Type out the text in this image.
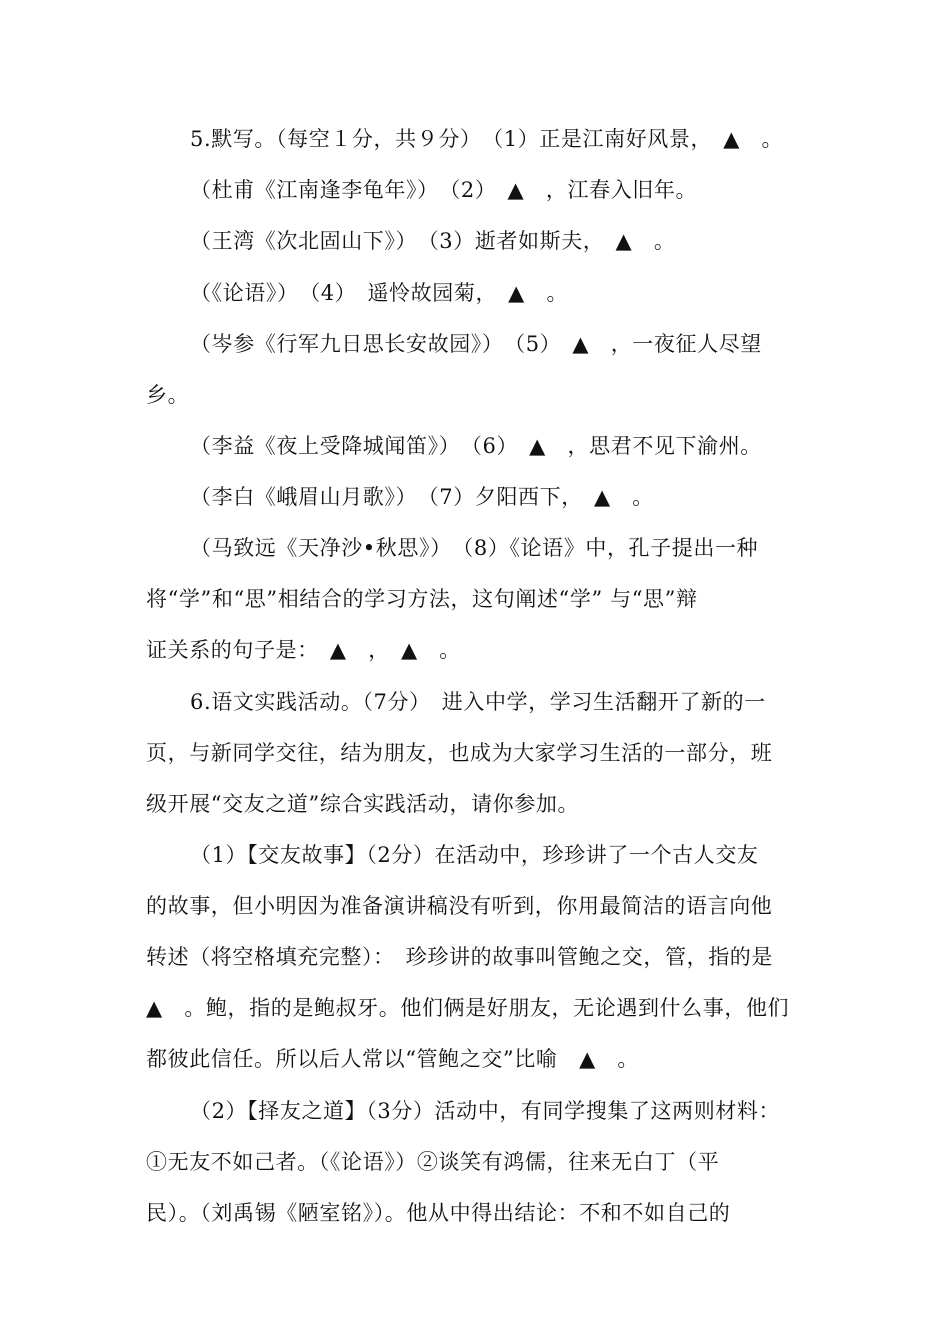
5.默写。（每空１分，共９分）　（1）正是江南好风景，　▲　。
（杜甫《江南逢李龟年》）　（2）　▲　，江春入旧年。
（王湾《次北固山下》）　（3）逝者如斯夫，　▲　。
（《论语》）　（4）　遥怜故园菊，　▲　。
（岑参《行军九日思长安故园》）　（5）　▲　，一夜征人尽望
乡。
（李益《夜上受降城闻笛》）　（6）　▲　，思君不见下渝州。
（李白《峨眉山月歌》）　（7）夕阳西下，　▲　。
（马致远《天净沙•秋思》）　（8）《论语》中，孔子提出一种
将“学”和“思”相结合的学习方法，这句阐述“学” 与“思”辩
证关系的句子是：　▲　，　▲　。
6.语文实践活动。（7分）　进入中学，学习生活翻开了新的一
页，与新同学交往，结为朋友，也成为大家学习生活的一部分，班
级开展“交友之道”综合实践活动，请你参加。
（1）【交友故事】（2分）在活动中，珍珍讲了一个古人交友
的故事，但小明因为准备演讲稿没有听到，你用最简洁的语言向他
转述（将空格填充完整）：　珍珍讲的故事叫管鲍之交，管，指的是
▲　。鲍，指的是鲍叔牙。他们俩是好朋友，无论遇到什么事，他们
都彼此信任。所以后人常以“管鲍之交”比喻　▲　。
（2）【择友之道】（3分）活动中，有同学搜集了这两则材料：
①无友不如己者。（《论语》）②谈笑有鸿儒，往来无白丁（平
民）。（刘禹锡《陋室铭》）。他从中得出结论：不和不如自己的
